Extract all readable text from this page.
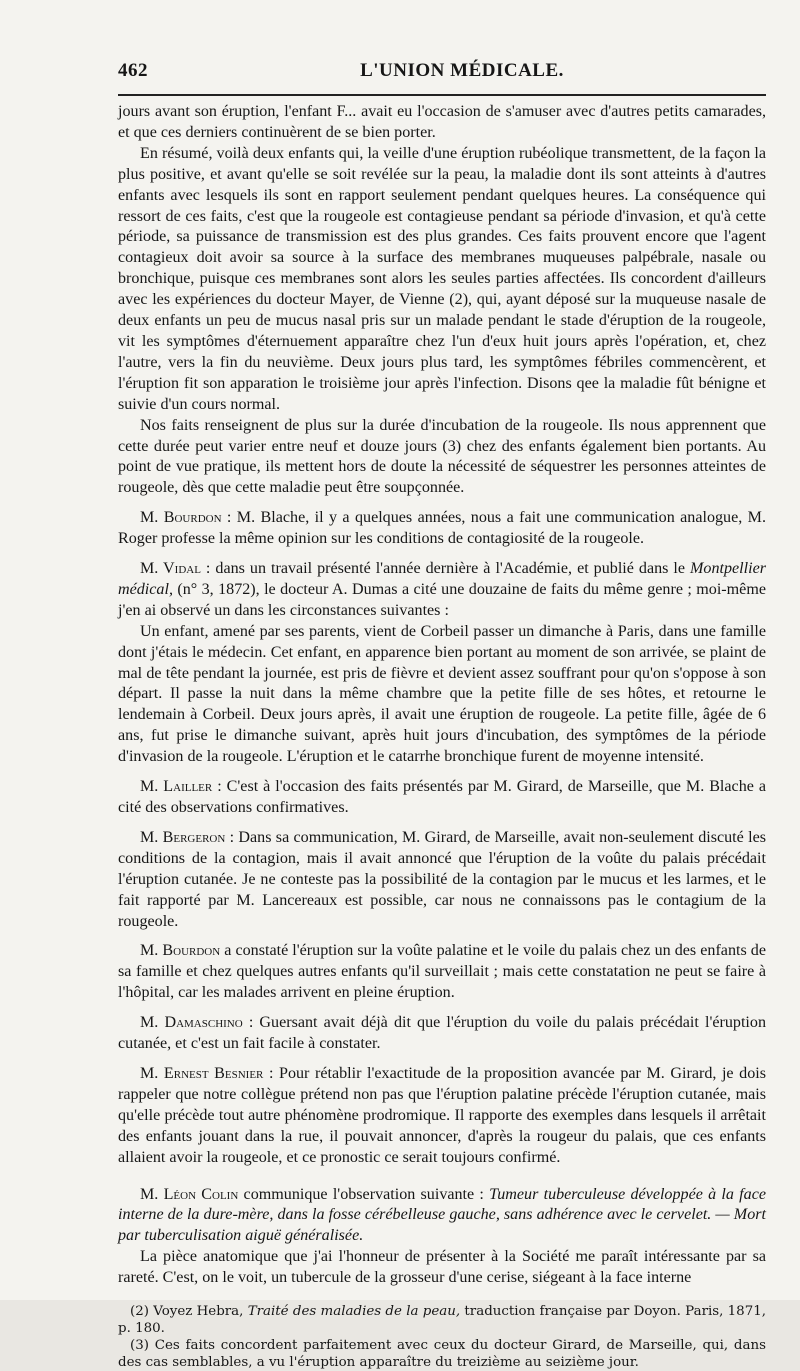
462	L'UNION MÉDICALE.

jours avant son éruption, l'enfant F... avait eu l'occasion de s'amuser avec d'autres petits camarades, et que ces derniers continuèrent de se bien porter.

En résumé, voilà deux enfants qui, la veille d'une éruption rubéolique transmettent, de la façon la plus positive, et avant qu'elle se soit revélée sur la peau, la maladie dont ils sont atteints à d'autres enfants avec lesquels ils sont en rapport seulement pendant quelques heures. La conséquence qui ressort de ces faits, c'est que la rougeole est contagieuse pendant sa période d'invasion, et qu'à cette période, sa puissance de transmission est des plus grandes. Ces faits prouvent encore que l'agent contagieux doit avoir sa source à la surface des membranes muqueuses palpébrale, nasale ou bronchique, puisque ces membranes sont alors les seules parties affectées. Ils concordent d'ailleurs avec les expériences du docteur Mayer, de Vienne (2), qui, ayant déposé sur la muqueuse nasale de deux enfants un peu de mucus nasal pris sur un malade pendant le stade d'éruption de la rougeole, vit les symptômes d'éternuement apparaître chez l'un d'eux huit jours après l'opération, et, chez l'autre, vers la fin du neuvième. Deux jours plus tard, les symptômes fébriles commencèrent, et l'éruption fit son apparation le troisième jour après l'infection. Disons qee la maladie fût bénigne et suivie d'un cours normal.

Nos faits renseignent de plus sur la durée d'incubation de la rougeole. Ils nous apprennent que cette durée peut varier entre neuf et douze jours (3) chez des enfants également bien portants. Au point de vue pratique, ils mettent hors de doute la nécessité de séquestrer les personnes atteintes de rougeole, dès que cette maladie peut être soupçonnée.

M. Bourdon : M. Blache, il y a quelques années, nous a fait une communication analogue, M. Roger professe la même opinion sur les conditions de contagiosité de la rougeole.

M. Vidal : dans un travail présenté l'année dernière à l'Académie, et publié dans le Montpellier médical, (n° 3, 1872), le docteur A. Dumas a cité une douzaine de faits du même genre ; moi-même j'en ai observé un dans les circonstances suivantes :

Un enfant, amené par ses parents, vient de Corbeil passer un dimanche à Paris, dans une famille dont j'étais le médecin. Cet enfant, en apparence bien portant au moment de son arrivée, se plaint de mal de tête pendant la journée, est pris de fièvre et devient assez souffrant pour qu'on s'oppose à son départ. Il passe la nuit dans la même chambre que la petite fille de ses hôtes, et retourne le lendemain à Corbeil. Deux jours après, il avait une éruption de rougeole. La petite fille, âgée de 6 ans, fut prise le dimanche suivant, après huit jours d'incubation, des symptômes de la période d'invasion de la rougeole. L'éruption et le catarrhe bronchique furent de moyenne intensité.

M. Lailler : C'est à l'occasion des faits présentés par M. Girard, de Marseille, que M. Blache a cité des observations confirmatives.

M. Bergeron : Dans sa communication, M. Girard, de Marseille, avait non-seulement discuté les conditions de la contagion, mais il avait annoncé que l'éruption de la voûte du palais précédait l'éruption cutanée. Je ne conteste pas la possibilité de la contagion par le mucus et les larmes, et le fait rapporté par M. Lancereaux est possible, car nous ne connaissons pas le contagium de la rougeole.

M. Bourdon a constaté l'éruption sur la voûte palatine et le voile du palais chez un des enfants de sa famille et chez quelques autres enfants qu'il surveillait ; mais cette constatation ne peut se faire à l'hôpital, car les malades arrivent en pleine éruption.

M. Damaschino : Guersant avait déjà dit que l'éruption du voile du palais précédait l'éruption cutanée, et c'est un fait facile à constater.

M. Ernest Besnier : Pour rétablir l'exactitude de la proposition avancée par M. Girard, je dois rappeler que notre collègue prétend non pas que l'éruption palatine précède l'éruption cutanée, mais qu'elle précède tout autre phénomène prodromique. Il rapporte des exemples dans lesquels il arrêtait des enfants jouant dans la rue, il pouvait annoncer, d'après la rougeur du palais, que ces enfants allaient avoir la rougeole, et ce pronostic ce serait toujours confirmé.

M. Léon Colin communique l'observation suivante : Tumeur tuberculeuse développée à la face interne de la dure-mère, dans la fosse cérébelleuse gauche, sans adhérence avec le cervelet. — Mort par tuberculisation aiguë généralisée.

La pièce anatomique que j'ai l'honneur de présenter à la Société me paraît intéressante par sa rareté. C'est, on le voit, un tubercule de la grosseur d'une cerise, siégeant à la face interne

(2) Voyez Hebra, Traité des maladies de la peau, traduction française par Doyon. Paris, 1871, p. 180.

(3) Ces faits concordent parfaitement avec ceux du docteur Girard, de Marseille, qui, dans des cas semblables, a vu l'éruption apparaître du treizième au seizième jour.
